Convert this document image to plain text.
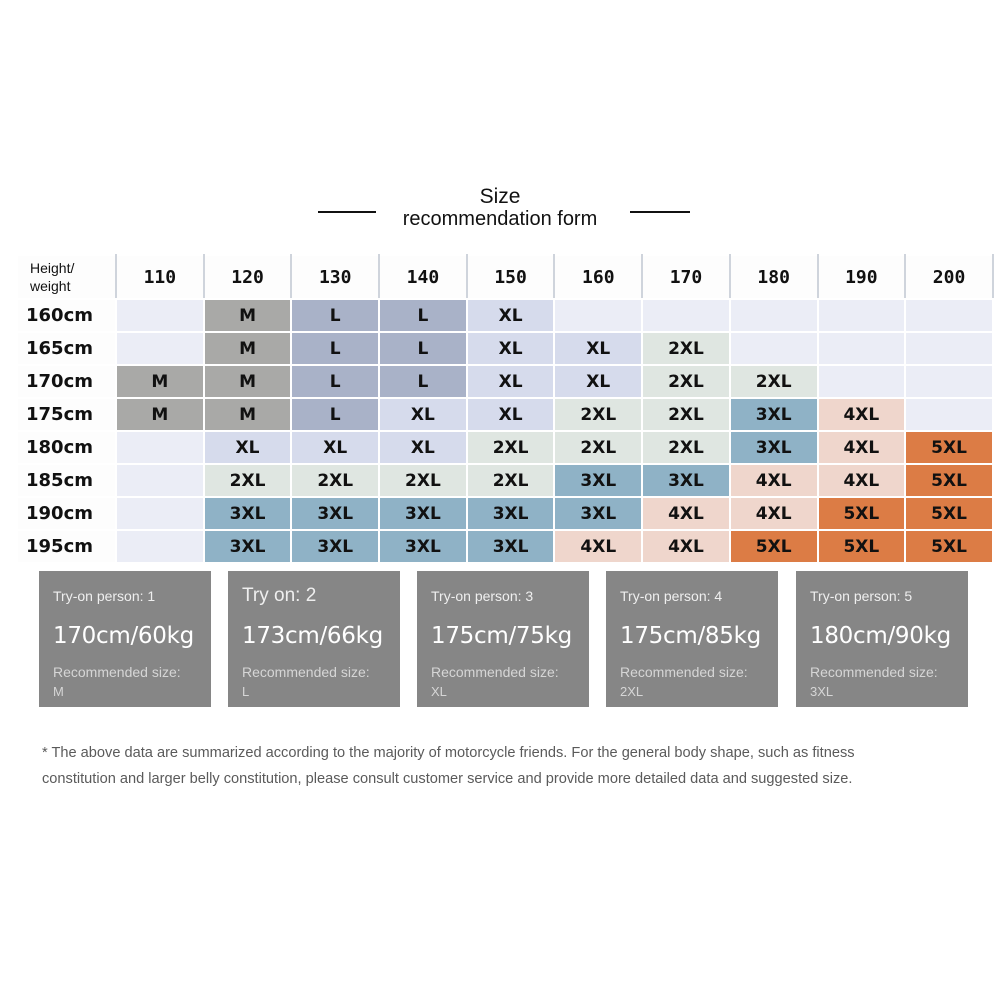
Size
recommendation form
Height/
weight	110	120	130	140	150	160	170	180	190	200
160cm		M	L	L	XL					
165cm		M	L	L	XL	XL	2XL			
170cm	M	M	L	L	XL	XL	2XL	2XL		
175cm	M	M	L	XL	XL	2XL	2XL	3XL	4XL	
180cm		XL	XL	XL	2XL	2XL	2XL	3XL	4XL	5XL
185cm		2XL	2XL	2XL	2XL	3XL	3XL	4XL	4XL	5XL
190cm		3XL	3XL	3XL	3XL	3XL	4XL	4XL	5XL	5XL
195cm		3XL	3XL	3XL	3XL	4XL	4XL	5XL	5XL	5XL
Try-on person: 1
170cm/60kg
Recommended size:
M
Try on: 2
173cm/66kg
Recommended size:
L
Try-on person: 3
175cm/75kg
Recommended size:
XL
Try-on person: 4
175cm/85kg
Recommended size:
2XL
Try-on person: 5
180cm/90kg
Recommended size:
3XL
* The above data are summarized according to the majority of motorcycle friends. For the general body shape, such as fitness
constitution and larger belly constitution, please consult customer service and provide more detailed data and suggested size.
